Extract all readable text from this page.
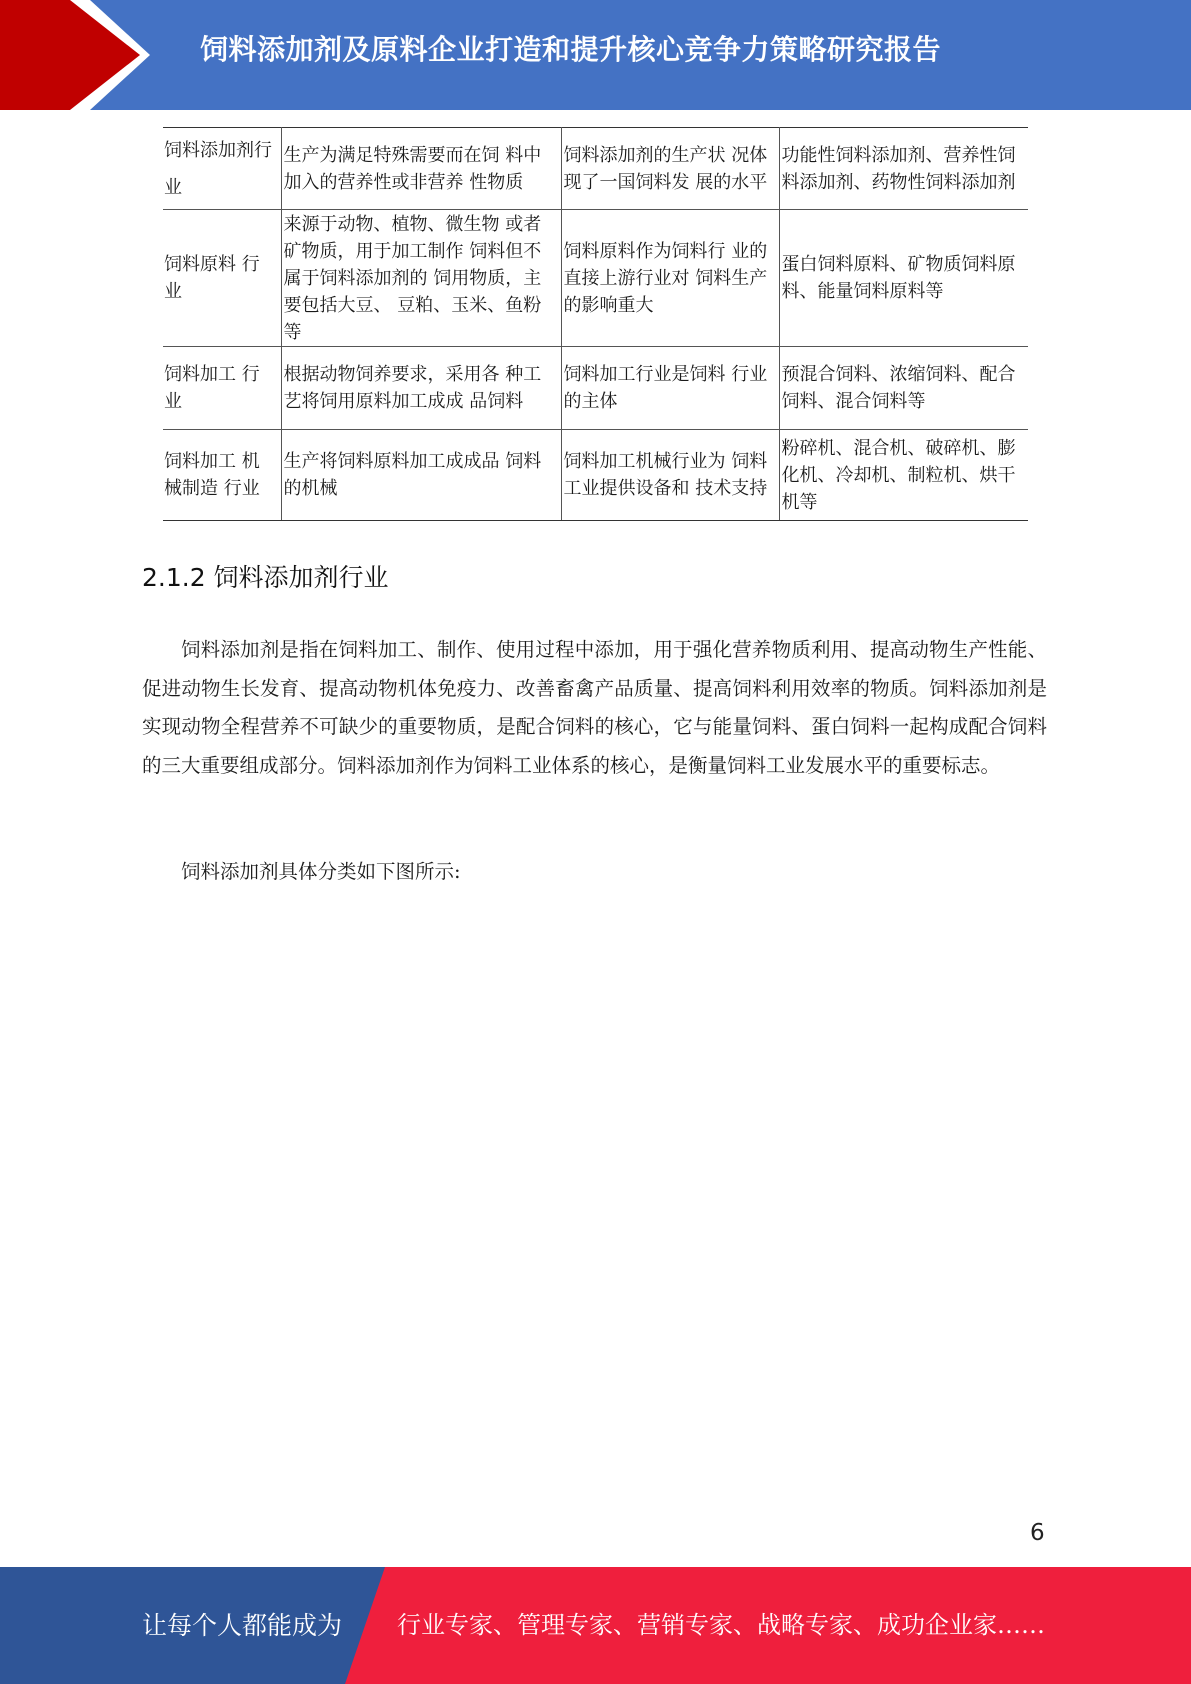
饲料添加剂及原料企业打造和提升核心竞争力策略研究报告
饲料添加剂行业	生产为满足特殊需要而在饲 料中加入的营养性或非营养 性物质	饲料添加剂的生产状 况体现了一国饲料发 展的水平	功能性饲料添加剂、营养性饲料添加剂、药物性饲料添加剂
饲料原料 行业	来源于动物、植物、微生物 或者矿物质，用于加工制作 饲料但不属于饲料添加剂的 饲用物质，主要包括大豆、 豆粕、玉米、鱼粉等	饲料原料作为饲料行 业的直接上游行业对 饲料生产的影响重大	蛋白饲料原料、矿物质饲料原料、能量饲料原料等
饲料加工 行业	根据动物饲养要求，采用各 种工艺将饲用原料加工成成 品饲料	饲料加工行业是饲料 行业的主体	预混合饲料、浓缩饲料、配合饲料、混合饲料等
饲料加工 机械制造 行业	生产将饲料原料加工成成品 饲料的机械	饲料加工机械行业为 饲料工业提供设备和 技术支持	粉碎机、混合机、破碎机、膨化机、冷却机、制粒机、烘干机等
2.1.2 饲料添加剂行业

饲料添加剂是指在饲料加工、制作、使用过程中添加，用于强化营养物质利用、提高动物生产性能、促进动物生长发育、提高动物机体免疫力、改善畜禽产品质量、提高饲料利用效率的物质。饲料添加剂是实现动物全程营养不可缺少的重要物质，是配合饲料的核心，它与能量饲料、蛋白饲料一起构成配合饲料的三大重要组成部分。饲料添加剂作为饲料工业体系的核心，是衡量饲料工业发展水平的重要标志。

饲料添加剂具体分类如下图所示:

6
让每个人都能成为 行业专家、管理专家、营销专家、战略专家、成功企业家……
